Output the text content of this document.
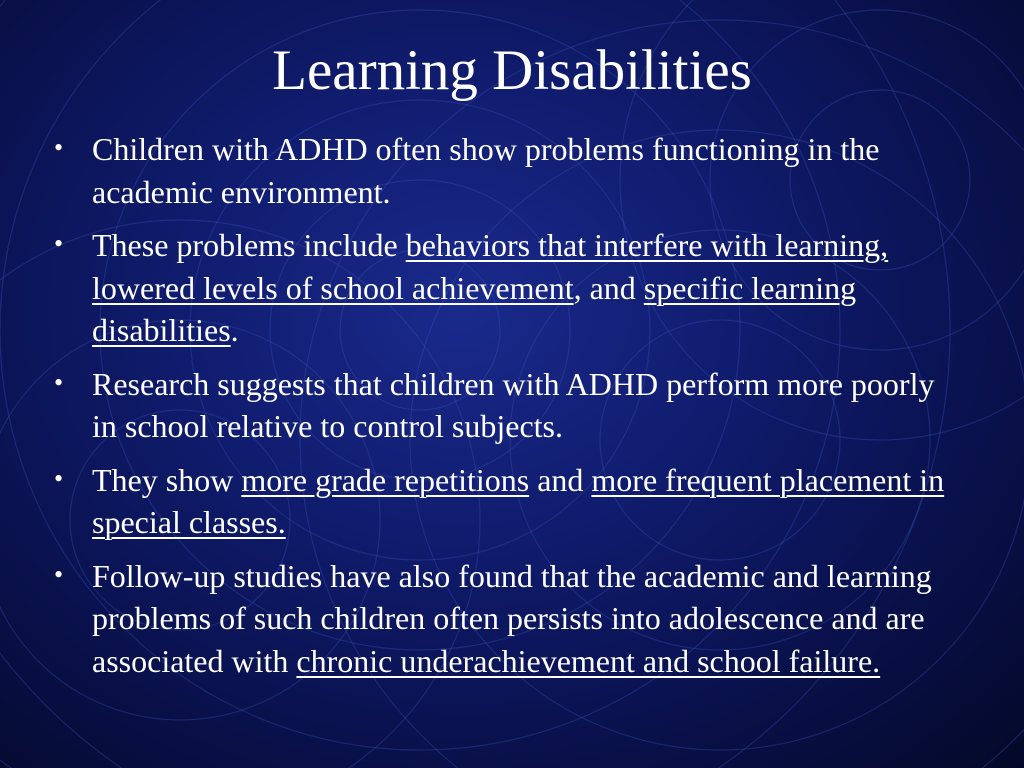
Learning Disabilities
• Children with ADHD often show problems functioning in the academic environment.
• These problems include behaviors that interfere with learning, lowered levels of school achievement, and specific learning disabilities.
• Research suggests that children with ADHD perform more poorly in school relative to control subjects.
• They show more grade repetitions and more frequent placement in special classes.
• Follow-up studies have also found that the academic and learning problems of such children often persists into adolescence and are associated with chronic underachievement and school failure.
